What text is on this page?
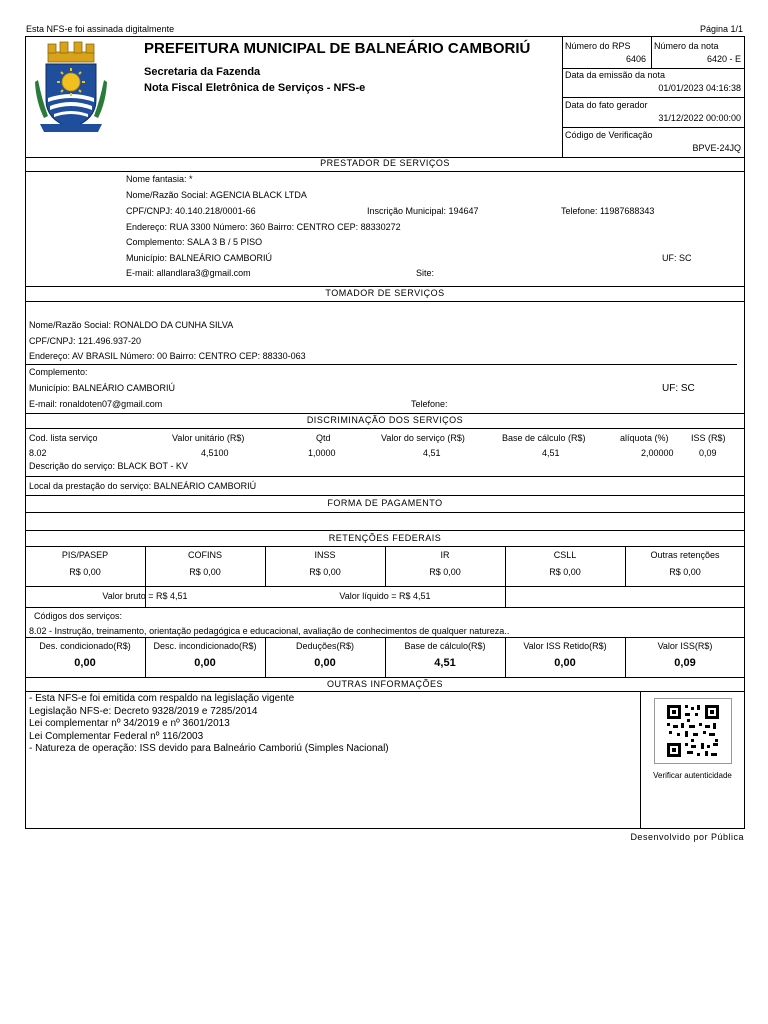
Esta NFS-e foi assinada digitalmente	Página 1/1
PREFEITURA MUNICIPAL DE BALNEÁRIO CAMBORIÚ
Secretaria da Fazenda
Nota Fiscal Eletrônica de Serviços - NFS-e
Número do RPS
6406
Número da nota
6420 - E
Data da emissão da nota
01/01/2023 04:16:38
Data do fato gerador
31/12/2022 00:00:00
Código de Verificação
BPVE-24JQ
PRESTADOR DE SERVIÇOS
Nome fantasia: *
Nome/Razão Social: AGENCIA BLACK LTDA
CPF/CNPJ: 40.140.218/0001-66	Inscrição Municipal: 194647	Telefone: 11987688343
Endereço: RUA 3300 Número: 360 Bairro: CENTRO CEP: 88330272
Complemento: SALA 3 B / 5 PISO
Município: BALNEÁRIO CAMBORIÚ	UF: SC
E-mail: allandlara3@gmail.com	Site:
TOMADOR DE SERVIÇOS
Nome/Razão Social: RONALDO DA CUNHA SILVA
CPF/CNPJ: 121.496.937-20
Endereço: AV BRASIL Número: 00 Bairro: CENTRO CEP: 88330-063
Complemento:
Município: BALNEÁRIO CAMBORIÚ	UF: SC
E-mail: ronaldoten07@gmail.com	Telefone:
DISCRIMINAÇÃO DOS SERVIÇOS
Cod. lista serviço	Valor unitário (R$)	Qtd	Valor do serviço (R$)	Base de cálculo (R$)	alíquota (%) ISS (R$)
8.02	4,5100	1,0000	4,51	4,51	2,00000	0,09
Descrição do serviço: BLACK BOT - KV
Local da prestação do serviço: BALNEÁRIO CAMBORIÚ
FORMA DE PAGAMENTO
RETENÇÕES FEDERAIS
PIS/PASEP	COFINS	INSS	IR	CSLL	Outras retenções
R$ 0,00	R$ 0,00	R$ 0,00	R$ 0,00	R$ 0,00	R$ 0,00
Valor bruto = R$ 4,51	Valor líquido = R$ 4,51
Códigos dos serviços:
8.02 - Instrução, treinamento, orientação pedagógica e educacional, avaliação de conhecimentos de qualquer natureza..
Des. condicionado(R$)	Desc. incondicionado(R$)	Deduções(R$)	Base de cálculo(R$)	Valor ISS Retido(R$)	Valor ISS(R$)
0,00	0,00	0,00	4,51	0,00	0,09
OUTRAS INFORMAÇÕES
- Esta NFS-e foi emitida com respaldo na legislação vigente
Legislação NFS-e: Decreto 9328/2019 e 7285/2014
Lei complementar nº 34/2019 e nº 3601/2013
Lei Complementar Federal nº 116/2003
- Natureza de operação: ISS devido para Balneário Camboriú (Simples Nacional)
Verificar autenticidade
Desenvolvido por Pública
